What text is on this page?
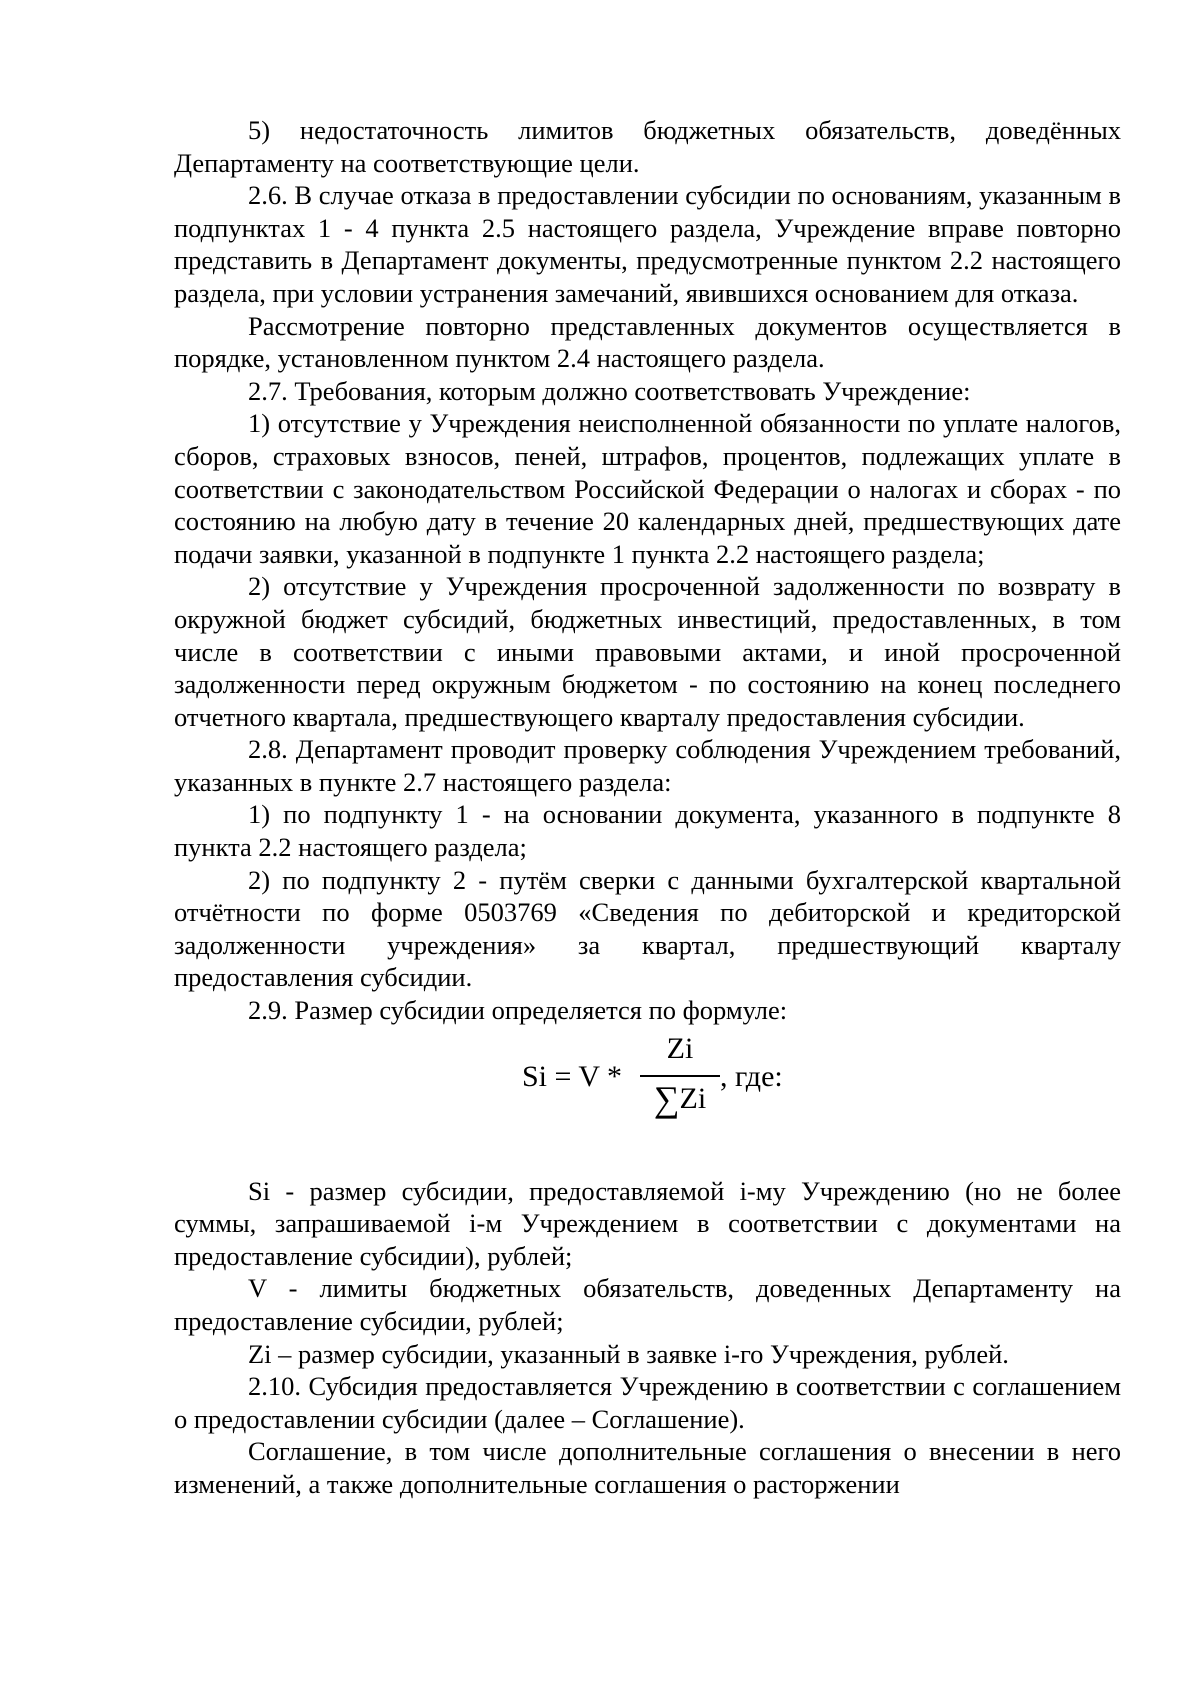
5) недостаточность лимитов бюджетных обязательств, доведённых Департаменту на соответствующие цели.

2.6. В случае отказа в предоставлении субсидии по основаниям, указанным в подпунктах 1 - 4 пункта 2.5 настоящего раздела, Учреждение вправе повторно представить в Департамент документы, предусмотренные пунктом 2.2 настоящего раздела, при условии устранения замечаний, явившихся основанием для отказа.

Рассмотрение повторно представленных документов осуществляется в порядке, установленном пунктом 2.4 настоящего раздела.

2.7. Требования, которым должно соответствовать Учреждение:

1) отсутствие у Учреждения неисполненной обязанности по уплате налогов, сборов, страховых взносов, пеней, штрафов, процентов, подлежащих уплате в соответствии с законодательством Российской Федерации о налогах и сборах - по состоянию на любую дату в течение 20 календарных дней, предшествующих дате подачи заявки, указанной в подпункте 1 пункта 2.2 настоящего раздела;

2) отсутствие у Учреждения просроченной задолженности по возврату в окружной бюджет субсидий, бюджетных инвестиций, предоставленных, в том числе в соответствии с иными правовыми актами, и иной просроченной задолженности перед окружным бюджетом - по состоянию на конец последнего отчетного квартала, предшествующего кварталу предоставления субсидии.

2.8. Департамент проводит проверку соблюдения Учреждением требований, указанных в пункте 2.7 настоящего раздела:

1) по подпункту 1 - на основании документа, указанного в подпункте 8 пункта 2.2 настоящего раздела;

2) по подпункту 2 - путём сверки с данными бухгалтерской квартальной отчётности по форме 0503769 «Сведения по дебиторской и кредиторской задолженности учреждения» за квартал, предшествующий кварталу предоставления субсидии.

2.9. Размер субсидии определяется по формуле:

Si = V *
Zi
∑Zi
, где:

Si - размер субсидии, предоставляемой i-му Учреждению (но не более суммы, запрашиваемой i-м Учреждением в соответствии с документами на предоставление субсидии), рублей;

V - лимиты бюджетных обязательств, доведенных Департаменту на предоставление субсидии, рублей;

Zi – размер субсидии, указанный в заявке i-го Учреждения, рублей.

2.10. Субсидия предоставляется Учреждению в соответствии с соглашением о предоставлении субсидии (далее – Соглашение).

Соглашение, в том числе дополнительные соглашения о внесении в него изменений, а также дополнительные соглашения о расторжении
